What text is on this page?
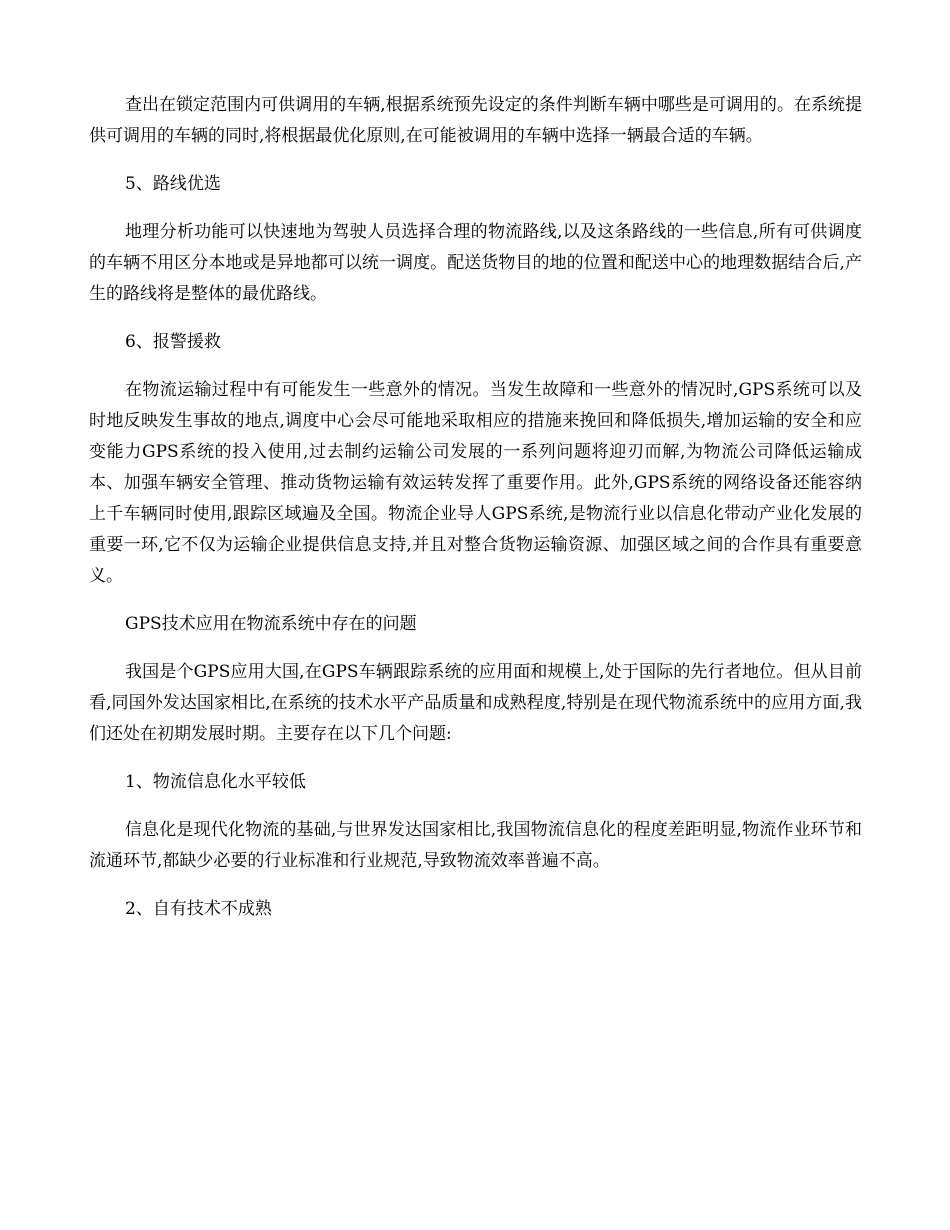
查出在锁定范围内可供调用的车辆,根据系统预先设定的条件判断车辆中哪些是可调用的。在系统提供可调用的车辆的同时,将根据最优化原则,在可能被调用的车辆中选择一辆最合适的车辆。

5、路线优选

地理分析功能可以快速地为驾驶人员选择合理的物流路线,以及这条路线的一些信息,所有可供调度的车辆不用区分本地或是异地都可以统一调度。配送货物目的地的位置和配送中心的地理数据结合后,产生的路线将是整体的最优路线。

6、报警援救

在物流运输过程中有可能发生一些意外的情况。当发生故障和一些意外的情况时,GPS系统可以及时地反映发生事故的地点,调度中心会尽可能地采取相应的措施来挽回和降低损失,增加运输的安全和应变能力GPS系统的投入使用,过去制约运输公司发展的一系列问题将迎刃而解,为物流公司降低运输成本、加强车辆安全管理、推动货物运输有效运转发挥了重要作用。此外,GPS系统的网络设备还能容纳上千车辆同时使用,跟踪区域遍及全国。物流企业导人GPS系统,是物流行业以信息化带动产业化发展的重要一环,它不仅为运输企业提供信息支持,并且对整合货物运输资源、加强区域之间的合作具有重要意义。

GPS技术应用在物流系统中存在的问题

我国是个GPS应用大国,在GPS车辆跟踪系统的应用面和规模上,处于国际的先行者地位。但从目前看,同国外发达国家相比,在系统的技术水平产品质量和成熟程度,特别是在现代物流系统中的应用方面,我们还处在初期发展时期。主要存在以下几个问题:

1、物流信息化水平较低

信息化是现代化物流的基础,与世界发达国家相比,我国物流信息化的程度差距明显,物流作业环节和流通环节,都缺少必要的行业标准和行业规范,导致物流效率普遍不高。

2、自有技术不成熟
